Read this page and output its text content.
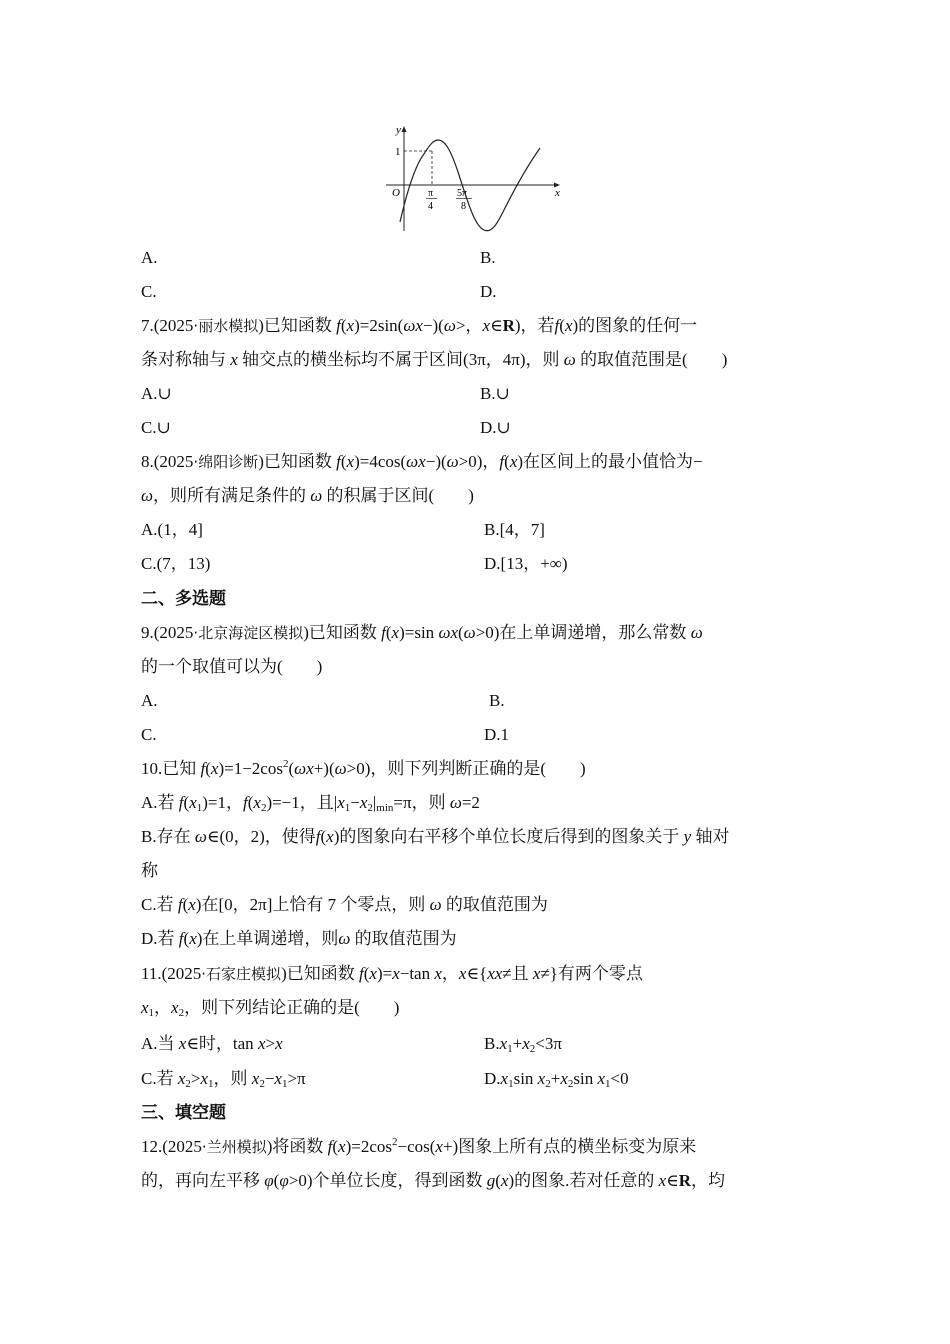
y
x
O
1
π
4
5π
8
A.	B.
C.	D.
7.(2025·丽水模拟)已知函数 f(x)=2sin(ωx−)(ω>，x∈R)，若f(x)的图象的任何一
条对称轴与 x 轴交点的横坐标均不属于区间(3π，4π)，则 ω 的取值范围是(　　)
A.∪	B.∪
C.∪	D.∪
8.(2025·绵阳诊断)已知函数 f(x)=4cos(ωx−)(ω>0)，f(x)在区间上的最小值恰为−
ω，则所有满足条件的 ω 的积属于区间(　　)
A.(1，4]	B.[4，7]
C.(7，13)	D.[13，+∞)
二、多选题
9.(2025·北京海淀区模拟)已知函数 f(x)=sin ωx(ω>0)在上单调递增，那么常数 ω
的一个取值可以为(　　)
A.	B.
C.	D.1
10.已知 $f(x)=1-2\cos^2(\omega x+)(\omega>0)$，则下列判断正确的是(　　)
A.若 $f(x_1)=1$，$f(x_2)=-1$，且$|x_1-x_2|_{min}=\pi$，则 ω=2
B.存在 ω∈(0，2)，使得f(x)的图象向右平移个单位长度后得到的图象关于 y 轴对
称
C.若 f(x)在[0，2π]上恰有 7 个零点，则 ω 的取值范围为
D.若 f(x)在上单调递增，则ω 的取值范围为
11.(2025·石家庄模拟)已知函数 f(x)=x−tan x，x∈{xx≠且 x≠}有两个零点
$x_1$，$x_2$，则下列结论正确的是(　　)
A.当 x∈时，tan x>x	$B.x_1+x_2<3\pi$
C.若 $x_2>x_1$，则 $x_2-x_1>\pi$	$D.x_1\sin$ $x_2+x_2\sin$ $x_1<0$
三、填空题
12.(2025·兰州模拟)将函数 $f(x)=2\cos^2-\cos(x+)$图象上所有点的横坐标变为原来
的，再向左平移 φ(φ>0)个单位长度，得到函数 g(x)的图象.若对任意的 x∈R，均
